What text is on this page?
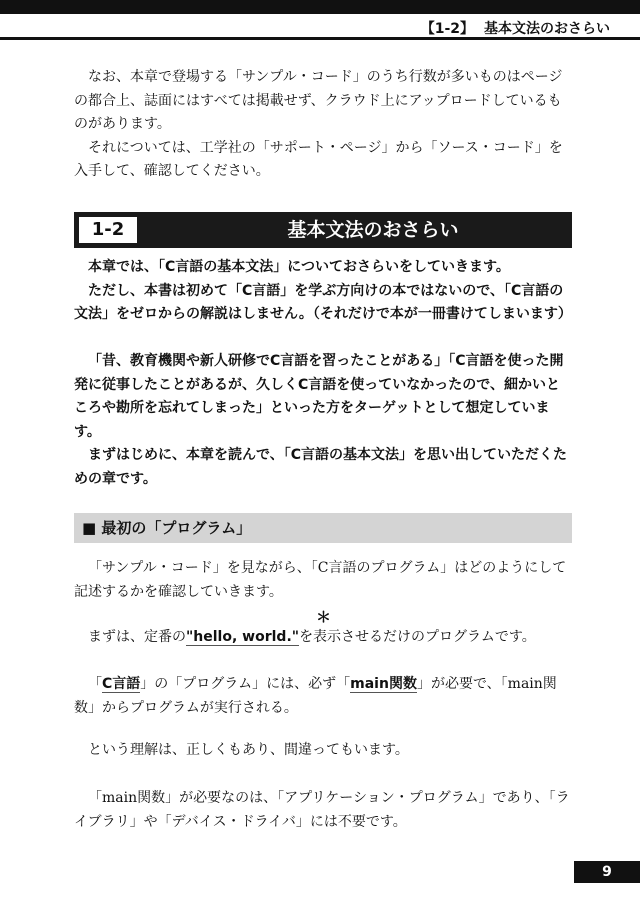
【1-2】 基本文法のおさらい

なお、本章で登場する「サンプル・コード」のうち行数が多いものはページの都合上、誌面にはすべては掲載せず、クラウド上にアップロードしているものがあります。

それについては、工学社の「サポート・ページ」から「ソース・コード」を入手して、確認してください。

1-2	基本文法のおさらい

本章では、「C言語の基本文法」についておさらいをしていきます。

ただし、本書は初めて「C言語」を学ぶ方向けの本ではないので、「C言語の文法」をゼロからの解説はしません。（それだけで本が一冊書けてしまいます）

「昔、教育機関や新人研修でC言語を習ったことがある」「C言語を使った開発に従事したことがあるが、久しくC言語を使っていなかったので、細かいところや勘所を忘れてしまった」といった方をターゲットとして想定しています。

まずはじめに、本章を読んで、「C言語の基本文法」を思い出していただくための章です。

■ 最初の「プログラム」

「サンプル・コード」を見ながら、「C言語のプログラム」はどのようにして記述するかを確認していきます。

＊

まずは、定番の"hello, world."を表示させるだけのプログラムです。

「C言語」の「プログラム」には、必ず「main関数」が必要で、「main関数」からプログラムが実行される。

という理解は、正しくもあり、間違ってもいます。

「main関数」が必要なのは、「アプリケーション・プログラム」であり、「ライブラリ」や「デバイス・ドライバ」には不要です。

9
